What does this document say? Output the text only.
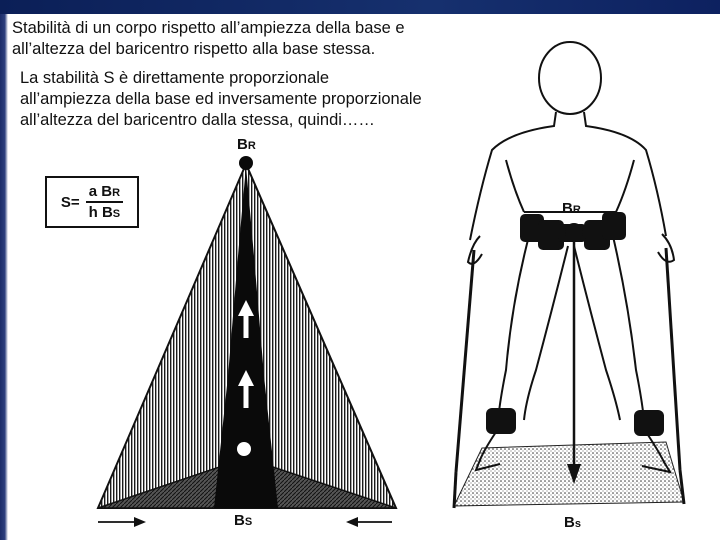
Stabilità di un corpo rispetto all’ampiezza della base e
all’altezza del baricentro rispetto alla base stessa.

La stabilità S è direttamente proporzionale
all’ampiezza della base ed inversamente proporzionale
all’altezza del baricentro dalla stessa, quindi……

$S= \frac{\text{a BR}}{\text{h BS}}$
BR
BS
BR
Bs
